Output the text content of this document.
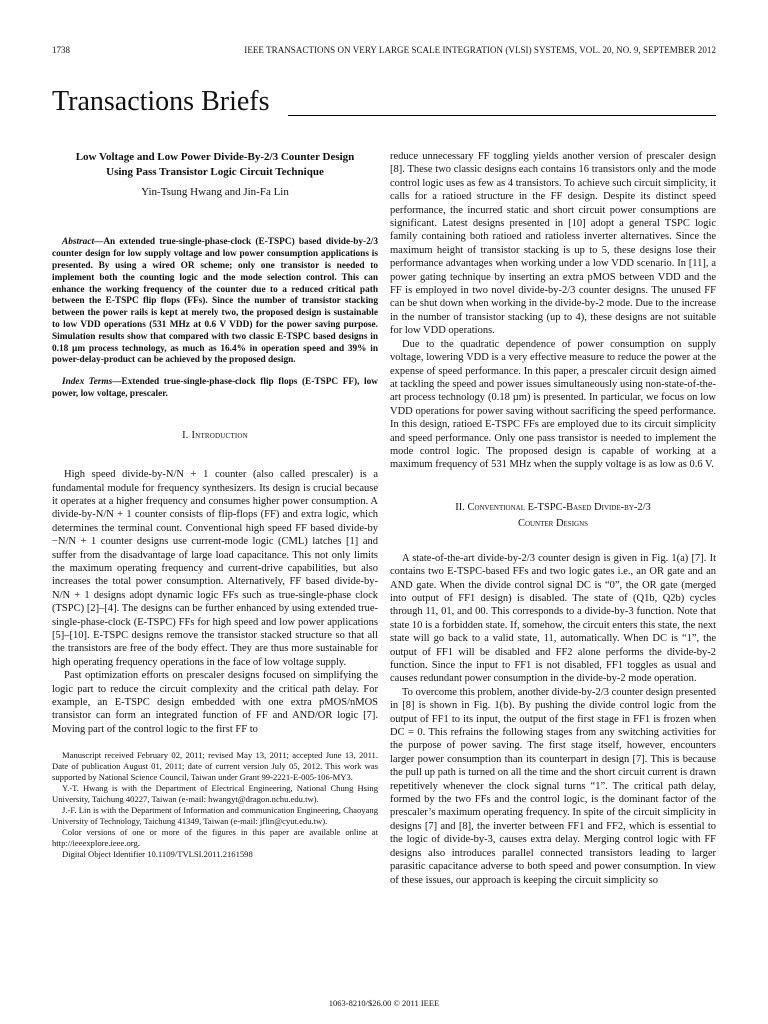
1738	IEEE TRANSACTIONS ON VERY LARGE SCALE INTEGRATION (VLSI) SYSTEMS, VOL. 20, NO. 9, SEPTEMBER 2012
Transactions Briefs
Low Voltage and Low Power Divide-By-2/3 Counter Design
Using Pass Transistor Logic Circuit Technique
Yin-Tsung Hwang and Jin-Fa Lin
Abstract—An extended true-single-phase-clock (E-TSPC) based divide-by-2/3 counter design for low supply voltage and low power consumption applications is presented. By using a wired OR scheme; only one transistor is needed to implement both the counting logic and the mode selection control. This can enhance the working frequency of the counter due to a reduced critical path between the E-TSPC flip flops (FFs). Since the number of transistor stacking between the power rails is kept at merely two, the proposed design is sustainable to low VDD operations (531 MHz at 0.6 V VDD) for the power saving purpose. Simulation results show that compared with two classic E-TSPC based designs in 0.18 µm process technology, as much as 16.4% in operation speed and 39% in power-delay-product can be achieved by the proposed design.
Index Terms—Extended true-single-phase-clock flip flops (E-TSPC FF), low power, low voltage, prescaler.
I. Introduction

High speed divide-by-N/N + 1 counter (also called prescaler) is a fundamental module for frequency synthesizers. Its design is crucial because it operates at a higher frequency and consumes higher power consumption. A divide-by-N/N + 1 counter consists of flip-flops (FF) and extra logic, which determines the terminal count. Conventional high speed FF based divide-by −N/N + 1 counter designs use current-mode logic (CML) latches [1] and suffer from the disadvantage of large load capacitance. This not only limits the maximum operating frequency and current-drive capabilities, but also increases the total power consumption. Alternatively, FF based divide-by-N/N + 1 designs adopt dynamic logic FFs such as true-single-phase clock (TSPC) [2]–[4]. The designs can be further enhanced by using extended true-single-phase-clock (E-TSPC) FFs for high speed and low power applications [5]–[10]. E-TSPC designs remove the transistor stacked structure so that all the transistors are free of the body effect. They are thus more sustainable for high operating frequency operations in the face of low voltage supply.

Past optimization efforts on prescaler designs focused on simplifying the logic part to reduce the circuit complexity and the critical path delay. For example, an E-TSPC design embedded with one extra pMOS/nMOS transistor can form an integrated function of FF and AND/OR logic [7]. Moving part of the control logic to the first FF to

Manuscript received February 02, 2011; revised May 13, 2011; accepted June 13, 2011. Date of publication August 01, 2011; date of current version July 05, 2012. This work was supported by National Science Council, Taiwan under Grant 99-2221-E-005-106-MY3.

Y.-T. Hwang is with the Department of Electrical Engineering, National Chung Hsing University, Taichung 40227, Taiwan (e-mail: hwangyt@dragon.nchu.edu.tw).

J.-F. Lin is with the Department of Information and communication Engineering, Chaoyang University of Technology, Taichung 41349, Taiwan (e-mail: jflin@cyut.edu.tw).

Color versions of one or more of the figures in this paper are available online at http://ieeexplore.ieee.org.

Digital Object Identifier 10.1109/TVLSI.2011.2161598

reduce unnecessary FF toggling yields another version of prescaler design [8]. These two classic designs each contains 16 transistors only and the mode control logic uses as few as 4 transistors. To achieve such circuit simplicity, it calls for a ratioed structure in the FF design. Despite its distinct speed performance, the incurred static and short circuit power consumptions are significant. Latest designs presented in [10] adopt a general TSPC logic family containing both ratioed and ratioless inverter alternatives. Since the maximum height of transistor stacking is up to 5, these designs lose their performance advantages when working under a low VDD scenario. In [11], a power gating technique by inserting an extra pMOS between VDD and the FF is employed in two novel divide-by-2/3 counter designs. The unused FF can be shut down when working in the divide-by-2 mode. Due to the increase in the number of transistor stacking (up to 4), these designs are not suitable for low VDD operations.

Due to the quadratic dependence of power consumption on supply voltage, lowering VDD is a very effective measure to reduce the power at the expense of speed performance. In this paper, a prescaler circuit design aimed at tackling the speed and power issues simultaneously using non-state-of-the-art process technology (0.18 µm) is presented. In particular, we focus on low VDD operations for power saving without sacrificing the speed performance. In this design, ratioed E-TSPC FFs are employed due to its circuit simplicity and speed performance. Only one pass transistor is needed to implement the mode control logic. The proposed design is capable of working at a maximum frequency of 531 MHz when the supply voltage is as low as 0.6 V.

II. Conventional E-TSPC-Based Divide-by-2/3
Counter Designs

A state-of-the-art divide-by-2/3 counter design is given in Fig. 1(a) [7]. It contains two E-TSPC-based FFs and two logic gates i.e., an OR gate and an AND gate. When the divide control signal DC is “0”, the OR gate (merged into output of FF1 design) is disabled. The state of (Q1b, Q2b) cycles through 11, 01, and 00. This corresponds to a divide-by-3 function. Note that state 10 is a forbidden state. If, somehow, the circuit enters this state, the next state will go back to a valid state, 11, automatically. When DC is “1”, the output of FF1 will be disabled and FF2 alone performs the divide-by-2 function. Since the input to FF1 is not disabled, FF1 toggles as usual and causes redundant power consumption in the divide-by-2 mode operation.

To overcome this problem, another divide-by-2/3 counter design presented in [8] is shown in Fig. 1(b). By pushing the divide control logic from the output of FF1 to its input, the output of the first stage in FF1 is frozen when DC = 0. This refrains the following stages from any switching activities for the purpose of power saving. The first stage itself, however, encounters larger power consumption than its counterpart in design [7]. This is because the pull up path is turned on all the time and the short circuit current is drawn repetitively whenever the clock signal turns “1”. The critical path delay, formed by the two FFs and the control logic, is the dominant factor of the prescaler’s maximum operating frequency. In spite of the circuit simplicity in designs [7] and [8], the inverter between FF1 and FF2, which is essential to the logic of divide-by-3, causes extra delay. Merging control logic with FF designs also introduces parallel connected transistors leading to larger parasitic capacitance adverse to both speed and power consumption. In view of these issues, our approach is keeping the circuit simplicity so

1063-8210/$26.00 © 2011 IEEE
